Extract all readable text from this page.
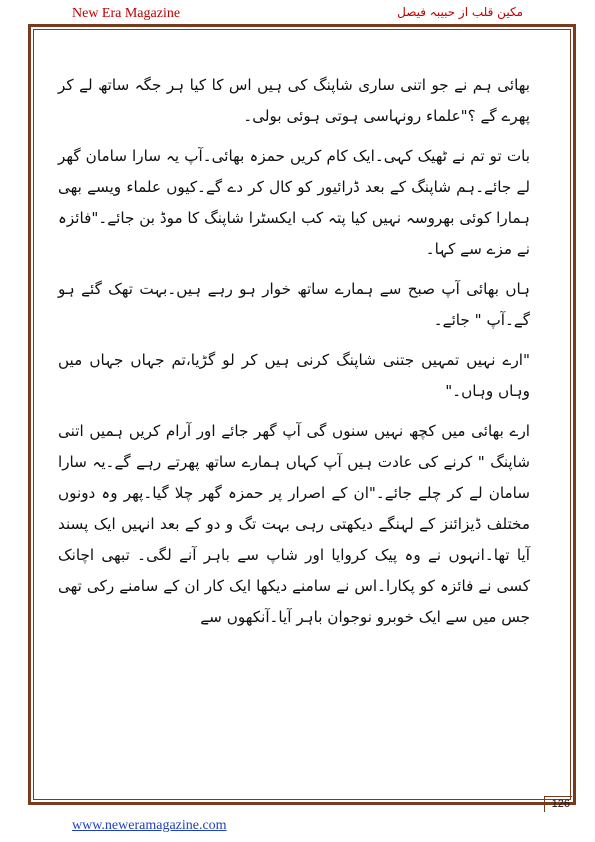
New Era Magazine	مکین قلب از حبیبہ فیصل

بھائی ہم نے جو اتنی ساری شاپنگ کی ہیں اس کا کیا ہر جگہ ساتھ لے کر پھرے گے ؟"علماء رونہاسی ہوتی ہوئی بولی۔

بات تو تم نے ٹھیک کہی۔ایک کام کریں حمزہ بھائی۔آپ یہ سارا سامان گھر لے جائے۔ہم شاپنگ کے بعد ڈرائیور کو کال کر دے گے۔کیوں علماء ویسے بھی ہمارا کوئی بھروسہ نہیں کیا پتہ کب ایکسٹرا شاپنگ کا موڈ بن جائے۔"فائزہ نے مزے سے کہا۔

ہاں بھائی آپ صبح سے ہمارے ساتھ خوار ہو رہے ہیں۔بہت تھک گئے ہو گے۔آپ " جائے۔

"ارے نہیں تمہیں جتنی شاپنگ کرنی ہیں کر لو گڑیا،تم جہاں جہاں میں وہاں وہاں۔"

ارے بھائی میں کچھ نہیں سنوں گی آپ گھر جائے اور آرام کریں ہمیں اتنی شاپنگ " کرنے کی عادت ہیں آپ کہاں ہمارے ساتھ پھرتے رہے گے۔یہ سارا سامان لے کر چلے جائے۔"ان کے اصرار پر حمزہ گھر چلا گیا۔پھر وہ دونوں مختلف ڈیزائنز کے لہنگے دیکھتی رہی بہت تگ و دو کے بعد انہیں ایک پسند آیا تھا۔انہوں نے وہ پیک کروایا اور شاپ سے باہر آنے لگی۔ تبھی اچانک کسی نے فائزہ کو پکارا۔اس نے سامنے دیکھا ایک کار ان کے سامنے رکی تھی جس میں سے ایک خوبرو نوجوان باہر آیا۔آنکھوں سے

126
www.neweramagazine.com
